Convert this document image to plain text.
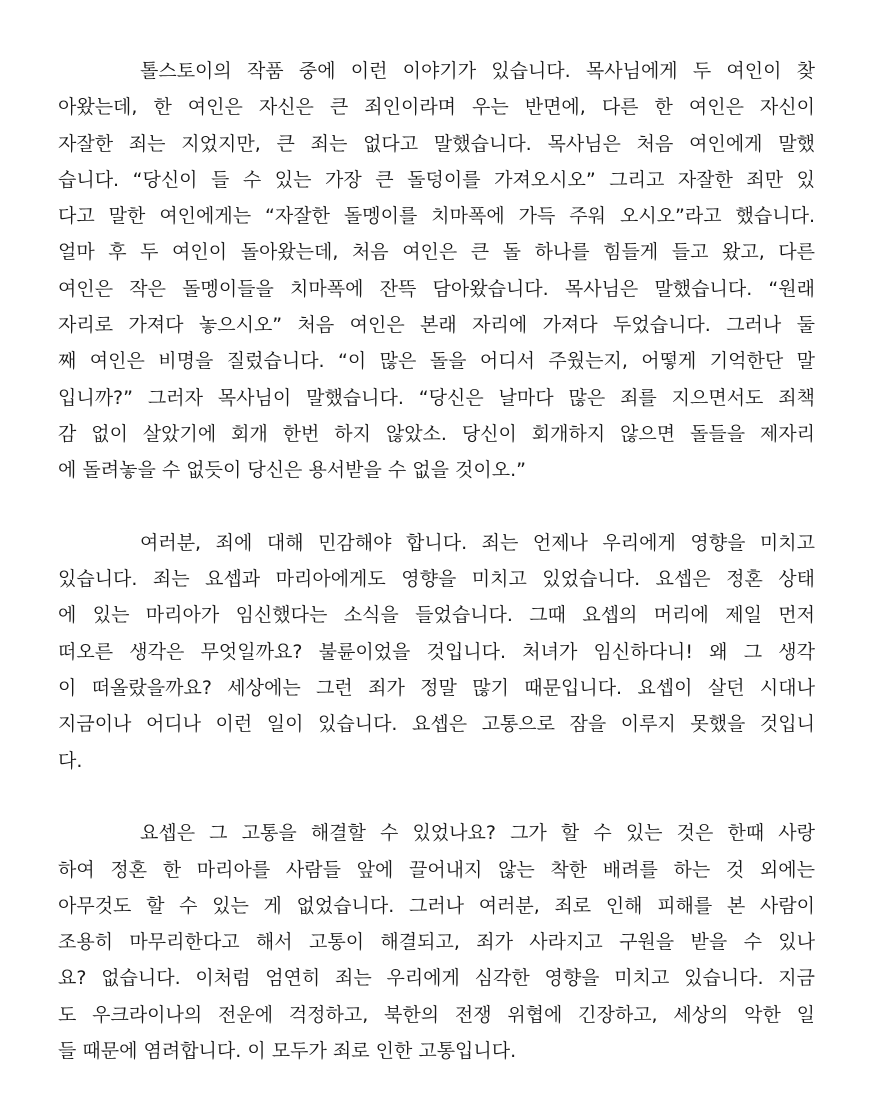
톨스토이의 작품 중에 이런 이야기가 있습니다. 목사님에게 두 여인이 찾
아왔는데, 한 여인은 자신은 큰 죄인이라며 우는 반면에, 다른 한 여인은 자신이
자잘한 죄는 지었지만, 큰 죄는 없다고 말했습니다. 목사님은 처음 여인에게 말했
습니다. “당신이 들 수 있는 가장 큰 돌덩이를 가져오시오” 그리고 자잘한 죄만 있
다고 말한 여인에게는 “자잘한 돌멩이를 치마폭에 가득 주워 오시오”라고 했습니다.
얼마 후 두 여인이 돌아왔는데, 처음 여인은 큰 돌 하나를 힘들게 들고 왔고, 다른
여인은 작은 돌멩이들을 치마폭에 잔뜩 담아왔습니다. 목사님은 말했습니다. “원래
자리로 가져다 놓으시오” 처음 여인은 본래 자리에 가져다 두었습니다. 그러나 둘
째 여인은 비명을 질렀습니다. “이 많은 돌을 어디서 주웠는지, 어떻게 기억한단 말
입니까?” 그러자 목사님이 말했습니다. “당신은 날마다 많은 죄를 지으면서도 죄책
감 없이 살았기에 회개 한번 하지 않았소. 당신이 회개하지 않으면 돌들을 제자리
에 돌려놓을 수 없듯이 당신은 용서받을 수 없을 것이오.”
여러분, 죄에 대해 민감해야 합니다. 죄는 언제나 우리에게 영향을 미치고
있습니다. 죄는 요셉과 마리아에게도 영향을 미치고 있었습니다. 요셉은 정혼 상태
에 있는 마리아가 임신했다는 소식을 들었습니다. 그때 요셉의 머리에 제일 먼저
떠오른 생각은 무엇일까요? 불륜이었을 것입니다. 처녀가 임신하다니! 왜 그 생각
이 떠올랐을까요? 세상에는 그런 죄가 정말 많기 때문입니다. 요셉이 살던 시대나
지금이나 어디나 이런 일이 있습니다. 요셉은 고통으로 잠을 이루지 못했을 것입니
다.
요셉은 그 고통을 해결할 수 있었나요? 그가 할 수 있는 것은 한때 사랑
하여 정혼 한 마리아를 사람들 앞에 끌어내지 않는 착한 배려를 하는 것 외에는
아무것도 할 수 있는 게 없었습니다. 그러나 여러분, 죄로 인해 피해를 본 사람이
조용히 마무리한다고 해서 고통이 해결되고, 죄가 사라지고 구원을 받을 수 있나
요? 없습니다. 이처럼 엄연히 죄는 우리에게 심각한 영향을 미치고 있습니다. 지금
도 우크라이나의 전운에 걱정하고, 북한의 전쟁 위협에 긴장하고, 세상의 악한 일
들 때문에 염려합니다. 이 모두가 죄로 인한 고통입니다.
